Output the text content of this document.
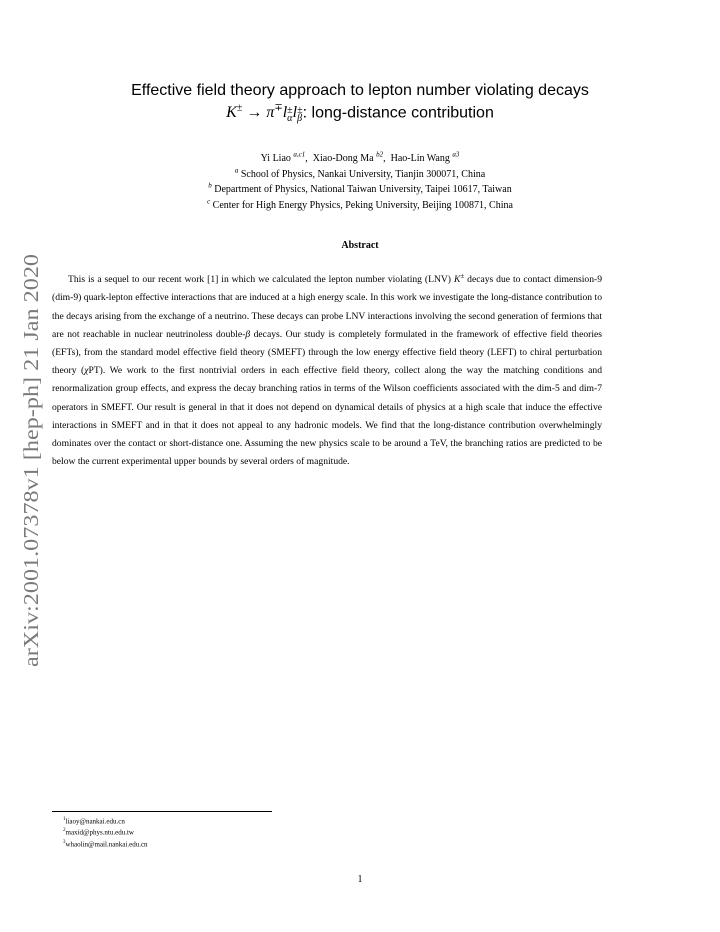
arXiv:2001.07378v1 [hep-ph] 21 Jan 2020
Effective field theory approach to lepton number violating decays
K± → π∓l ±
α l ±
β : long-distance contribution
Yi Liao $^{a,c1}$,  Xiao-Dong Ma $^{b2}$,  Hao-Lin Wang $^{a3}$
$^a$ School of Physics, Nankai University, Tianjin 300071, China
$^b$ Department of Physics, National Taiwan University, Taipei 10617, Taiwan
$^c$ Center for High Energy Physics, Peking University, Beijing 100871, China
Abstract

This is a sequel to our recent work [1] in which we calculated the lepton number violating (LNV) K± decays due to contact dimension-9 (dim-9) quark-lepton effective interactions that are induced at a high energy scale. In this work we investigate the long-distance contribution to the decays arising from the exchange of a neutrino. These decays can probe LNV interactions involving the second generation of fermions that are not reachable in nuclear neutrinoless double-β decays. Our study is completely formulated in the framework of effective field theories (EFTs), from the standard model effective field theory (SMEFT) through the low energy effective field theory (LEFT) to chiral perturbation theory (χPT). We work to the first nontrivial orders in each effective field theory, collect along the way the matching conditions and renormalization group effects, and express the decay branching ratios in terms of the Wilson coefficients associated with the dim-5 and dim-7 operators in SMEFT. Our result is general in that it does not depend on dynamical details of physics at a high scale that induce the effective interactions in SMEFT and in that it does not appeal to any hadronic models. We find that the long-distance contribution overwhelmingly dominates over the contact or short-distance one. Assuming the new physics scale to be around a TeV, the branching ratios are predicted to be below the current experimental upper bounds by several orders of magnitude.

$^1$liaoy@nankai.edu.cn
$^2$maxid@phys.ntu.edu.tw
$^3$whaolin@mail.nankai.edu.cn
1
